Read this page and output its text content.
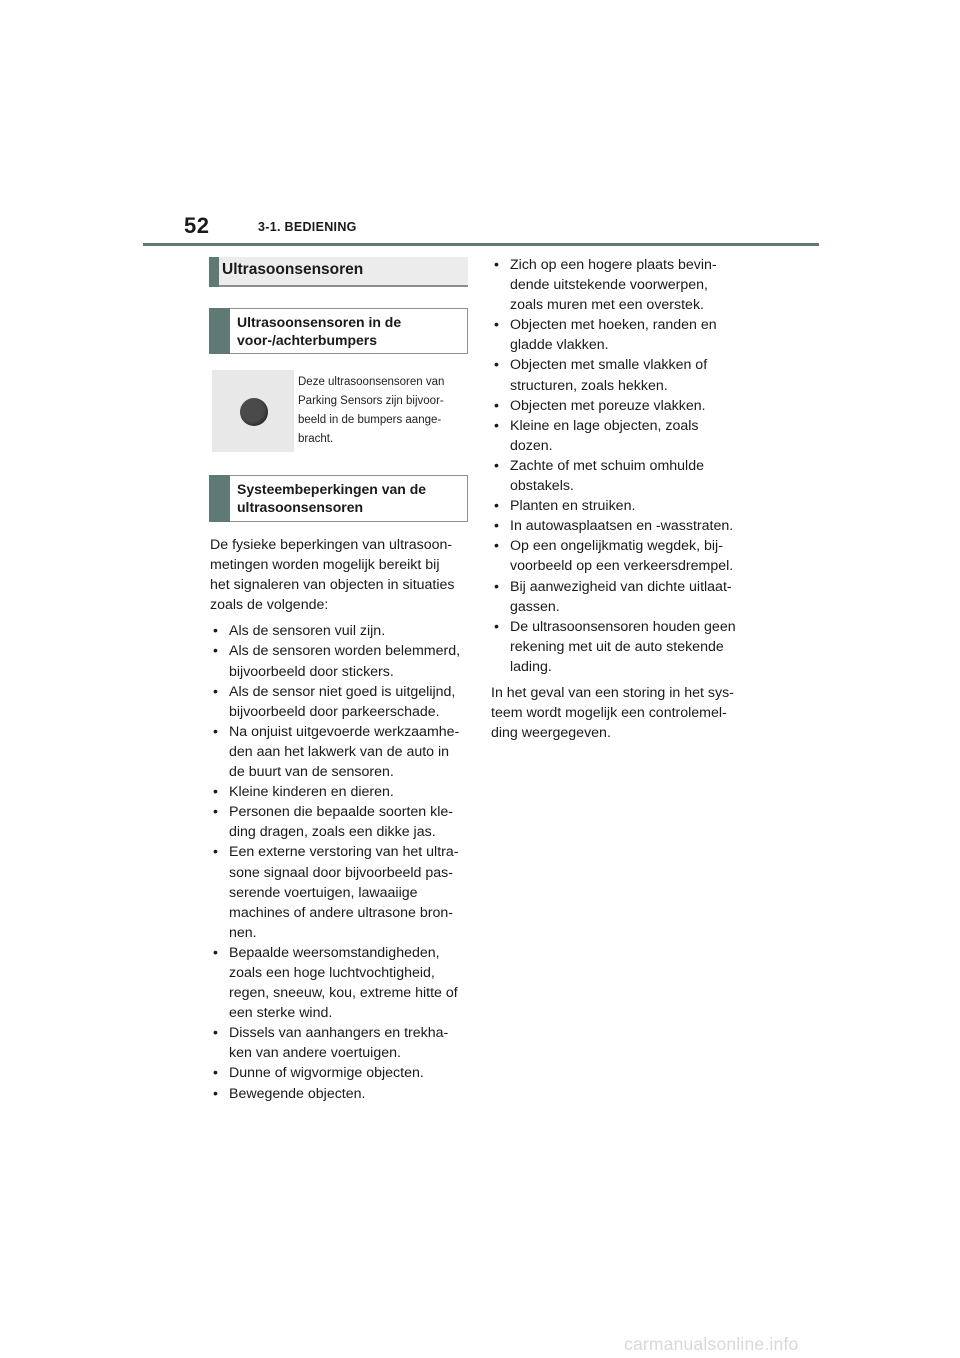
52	3-1. BEDIENING
Ultrasoonsensoren
Ultrasoonsensoren in de
voor-/achterbumpers
Deze ultrasoonsensoren van
Parking Sensors zijn bijvoor-
beeld in de bumpers aange-
bracht.
Systeembeperkingen van de
ultrasoonsensoren

De fysieke beperkingen van ultrasoon-
metingen worden mogelijk bereikt bij
het signaleren van objecten in situaties
zoals de volgende:

• Als de sensoren vuil zijn.
• Als de sensoren worden belemmerd,
bijvoorbeeld door stickers.
• Als de sensor niet goed is uitgelijnd,
bijvoorbeeld door parkeerschade.
• Na onjuist uitgevoerde werkzaamhe-
den aan het lakwerk van de auto in
de buurt van de sensoren.
• Kleine kinderen en dieren.
• Personen die bepaalde soorten kle-
ding dragen, zoals een dikke jas.
• Een externe verstoring van het ultra-
sone signaal door bijvoorbeeld pas-
serende voertuigen, lawaaiige
machines of andere ultrasone bron-
nen.
• Bepaalde weersomstandigheden,
zoals een hoge luchtvochtigheid,
regen, sneeuw, kou, extreme hitte of
een sterke wind.
• Dissels van aanhangers en trekha-
ken van andere voertuigen.
• Dunne of wigvormige objecten.
• Bewegende objecten.
• Zich op een hogere plaats bevin-
dende uitstekende voorwerpen,
zoals muren met een overstek.
• Objecten met hoeken, randen en
gladde vlakken.
• Objecten met smalle vlakken of
structuren, zoals hekken.
• Objecten met poreuze vlakken.
• Kleine en lage objecten, zoals
dozen.
• Zachte of met schuim omhulde
obstakels.
• Planten en struiken.
• In autowasplaatsen en -wasstraten.
• Op een ongelijkmatig wegdek, bij-
voorbeeld op een verkeersdrempel.
• Bij aanwezigheid van dichte uitlaat-
gassen.
• De ultrasoonsensoren houden geen
rekening met uit de auto stekende
lading.

In het geval van een storing in het sys-
teem wordt mogelijk een controlemel-
ding weergegeven.

carmanualsonline.info
